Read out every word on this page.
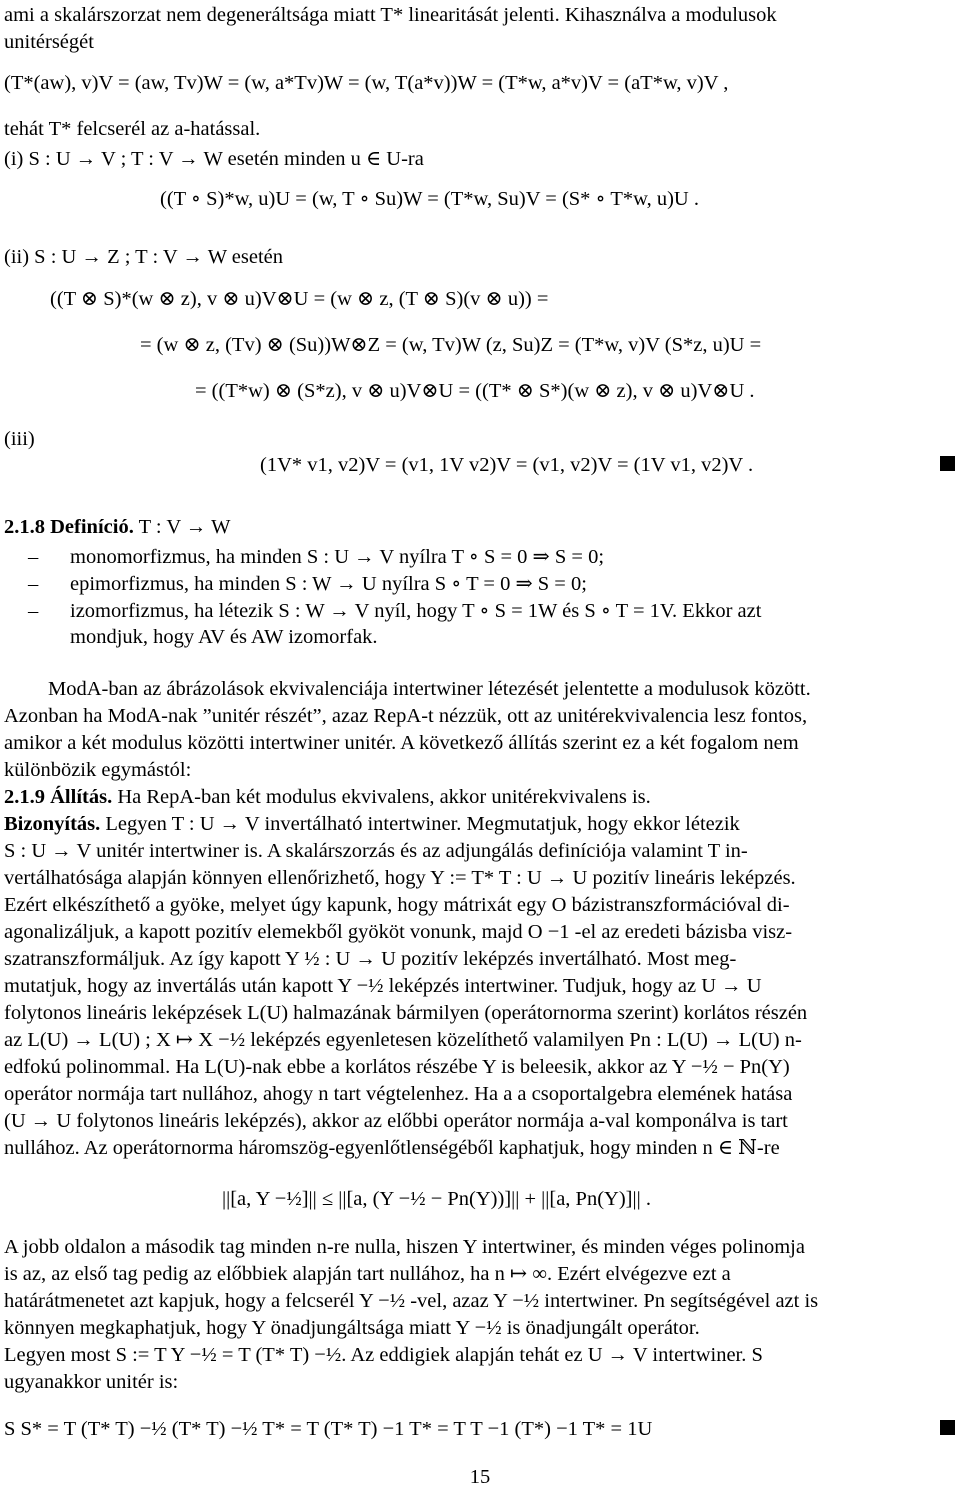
ami a skalárszorzat nem degeneráltsága miatt T* linearitását jelenti. Kihasználva a modulusok
unitérségét
(T*(aw), v)V = (aw, Tv)W = (w, a*Tv)W = (w, T(a*v))W = (T*w, a*v)V = (aT*w, v)V ,
tehát T* felcserél az a-hatással.
(i) S : U → V ; T : V → W esetén minden u ∈ U-ra
((T ∘ S)*w, u)U = (w, T ∘ Su)W = (T*w, Su)V = (S* ∘ T*w, u)U .
(ii) S : U → Z ; T : V → W esetén
((T ⊗ S)*(w ⊗ z), v ⊗ u)V⊗U = (w ⊗ z, (T ⊗ S)(v ⊗ u)) =
= (w ⊗ z, (Tv) ⊗ (Su))W⊗Z = (w, Tv)W (z, Su)Z = (T*w, v)V (S*z, u)U =
= ((T*w) ⊗ (S*z), v ⊗ u)V⊗U = ((T* ⊗ S*)(w ⊗ z), v ⊗ u)V⊗U .
(iii)
(1V* v1, v2)V = (v1, 1V v2)V = (v1, v2)V = (1V v1, v2)V .
2.1.8 Definíció. T : V → W
– monomorfizmus, ha minden S : U → V nyílra T ∘ S = 0 ⇒ S = 0;
– epimorfizmus, ha minden S : W → U nyílra S ∘ T = 0 ⇒ S = 0;
– izomorfizmus, ha létezik S : W → V nyíl, hogy T ∘ S = 1W és S ∘ T = 1V. Ekkor azt
mondjuk, hogy AV és AW izomorfak.
ModA-ban az ábrázolások ekvivalenciája intertwiner létezését jelentette a modulusok között.
Azonban ha ModA-nak ”unitér részét”, azaz RepA-t nézzük, ott az unitérekvivalencia lesz fontos,
amikor a két modulus közötti intertwiner unitér. A következő állítás szerint ez a két fogalom nem
különbözik egymástól:
2.1.9 Állítás. Ha RepA-ban két modulus ekvivalens, akkor unitérekvivalens is.
Bizonyítás. Legyen T : U → V invertálható intertwiner. Megmutatjuk, hogy ekkor létezik
S : U → V unitér intertwiner is. A skalárszorzás és az adjungálás definíciója valamint T in-
vertálhatósága alapján könnyen ellenőrizhető, hogy Y := T* T : U → U pozitív lineáris leképzés.
Ezért elkészíthető a gyöke, melyet úgy kapunk, hogy mátrixát egy O bázistranszformációval di-
agonalizáljuk, a kapott pozitív elemekből gyököt vonunk, majd O −1 -el az eredeti bázisba visz-
szatranszformáljuk. Az így kapott Y ½ : U → U pozitív leképzés invertálható. Most meg-
mutatjuk, hogy az invertálás után kapott Y −½ leképzés intertwiner. Tudjuk, hogy az U → U
folytonos lineáris leképzések L(U) halmazának bármilyen (operátornorma szerint) korlátos részén
az L(U) → L(U) ; X ↦ X −½ leképzés egyenletesen közelíthető valamilyen Pn : L(U) → L(U) n-
edfokú polinommal. Ha L(U)-nak ebbe a korlátos részébe Y is beleesik, akkor az Y −½ − Pn(Y)
operátor normája tart nullához, ahogy n tart végtelenhez. Ha a a csoportalgebra elemének hatása
(U → U folytonos lineáris leképzés), akkor az előbbi operátor normája a-val komponálva is tart
nullához. Az operátornorma háromszög-egyenlőtlenségéből kaphatjuk, hogy minden n ∈ ℕ-re
||[a, Y −½]|| ≤ ||[a, (Y −½ − Pn(Y))]|| + ||[a, Pn(Y)]|| .
A jobb oldalon a második tag minden n-re nulla, hiszen Y intertwiner, és minden véges polinomja
is az, az első tag pedig az előbbiek alapján tart nullához, ha n ↦ ∞. Ezért elvégezve ezt a
határátmenetet azt kapjuk, hogy a felcserél Y −½ -vel, azaz Y −½ intertwiner. Pn segítségével azt is
könnyen megkaphatjuk, hogy Y önadjungáltsága miatt Y −½ is önadjungált operátor.
Legyen most S := T Y −½ = T (T* T) −½. Az eddigiek alapján tehát ez U → V intertwiner. S
ugyanakkor unitér is:
S S* = T (T* T) −½ (T* T) −½ T* = T (T* T) −1 T* = T T −1 (T*) −1 T* = 1U
15
